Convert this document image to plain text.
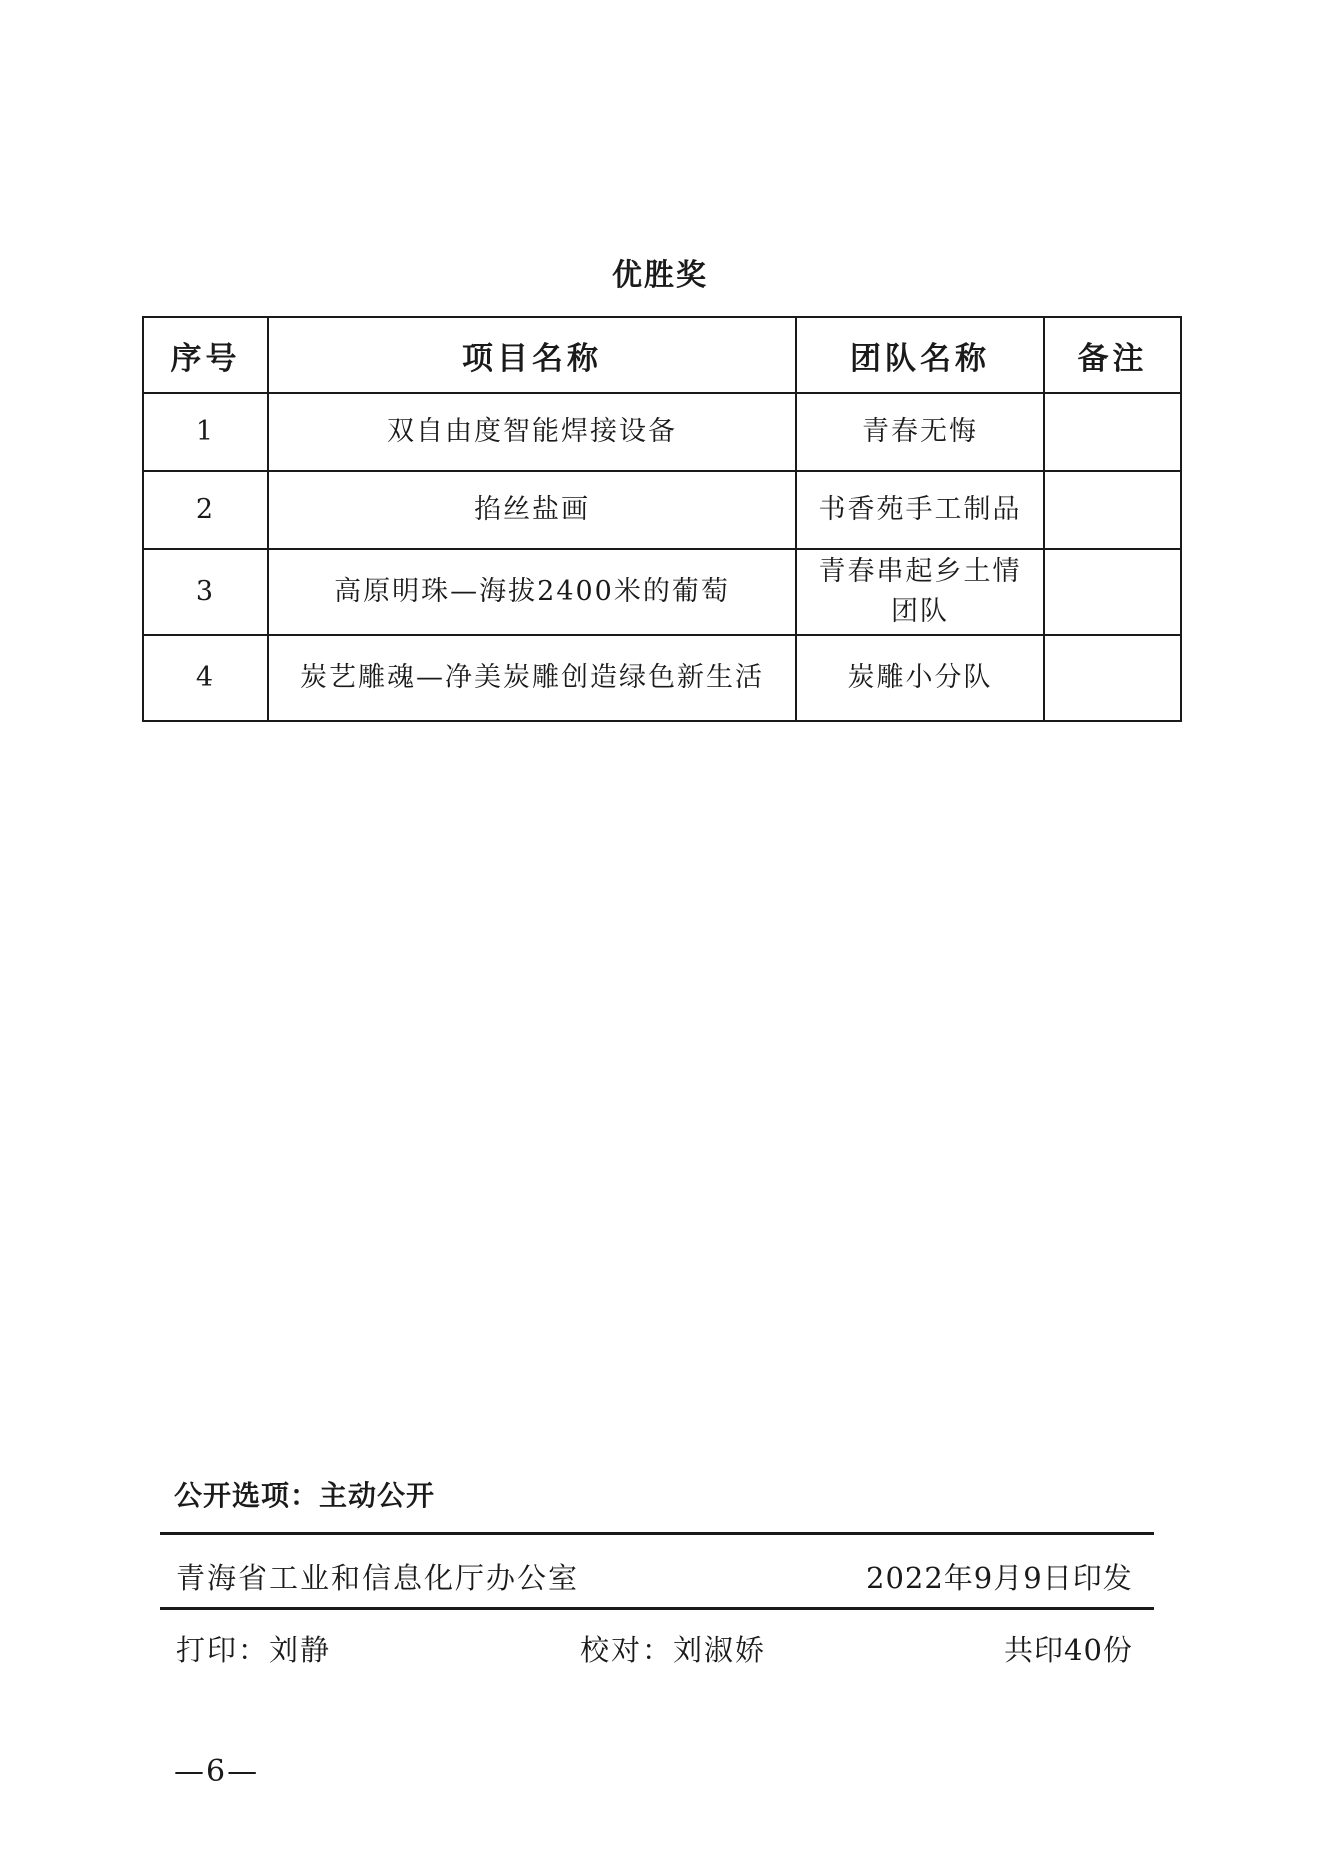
优胜奖
序号	项目名称	团队名称	备注
1	双自由度智能焊接设备	青春无悔	
2	掐丝盐画	书香苑手工制品	
3	高原明珠—海拔2400米的葡萄	青春串起乡土情团队	
4	炭艺雕魂—净美炭雕创造绿色新生活	炭雕小分队	
公开选项：主动公开
青海省工业和信息化厅办公室	2022年9月9日印发
打印：刘静	校对：刘淑娇	共印40份
—6—
